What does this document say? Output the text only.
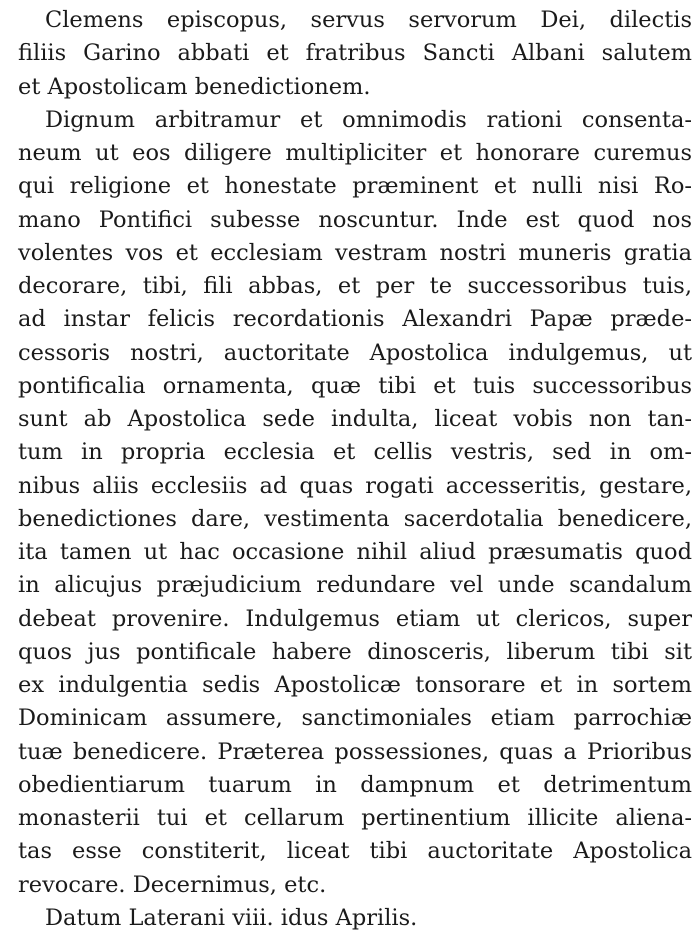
Clemens episcopus, servus servorum Dei, dilectis
filiis Garino abbati et fratribus Sancti Albani salutem
et Apostolicam benedictionem.
Dignum arbitramur et omnimodis rationi consenta-
neum ut eos diligere multipliciter et honorare curemus
qui religione et honestate præminent et nulli nisi Ro-
mano Pontifici subesse noscuntur. Inde est quod nos
volentes vos et ecclesiam vestram nostri muneris gratia
decorare, tibi, fili abbas, et per te successoribus tuis,
ad instar felicis recordationis Alexandri Papæ præde-
cessoris nostri, auctoritate Apostolica indulgemus, ut
pontificalia ornamenta, quæ tibi et tuis successoribus
sunt ab Apostolica sede indulta, liceat vobis non tan-
tum in propria ecclesia et cellis vestris, sed in om-
nibus aliis ecclesiis ad quas rogati accesseritis, gestare,
benedictiones dare, vestimenta sacerdotalia benedicere,
ita tamen ut hac occasione nihil aliud præsumatis quod
in alicujus præjudicium redundare vel unde scandalum
debeat provenire. Indulgemus etiam ut clericos, super
quos jus pontificale habere dinosceris, liberum tibi sit
ex indulgentia sedis Apostolicæ tonsorare et in sortem
Dominicam assumere, sanctimoniales etiam parrochiæ
tuæ benedicere. Præterea possessiones, quas a Prioribus
obedientiarum tuarum in dampnum et detrimentum
monasterii tui et cellarum pertinentium illicite aliena-
tas esse constiterit, liceat tibi auctoritate Apostolica
revocare. Decernimus, etc.
Datum Laterani viii. idus Aprilis.
